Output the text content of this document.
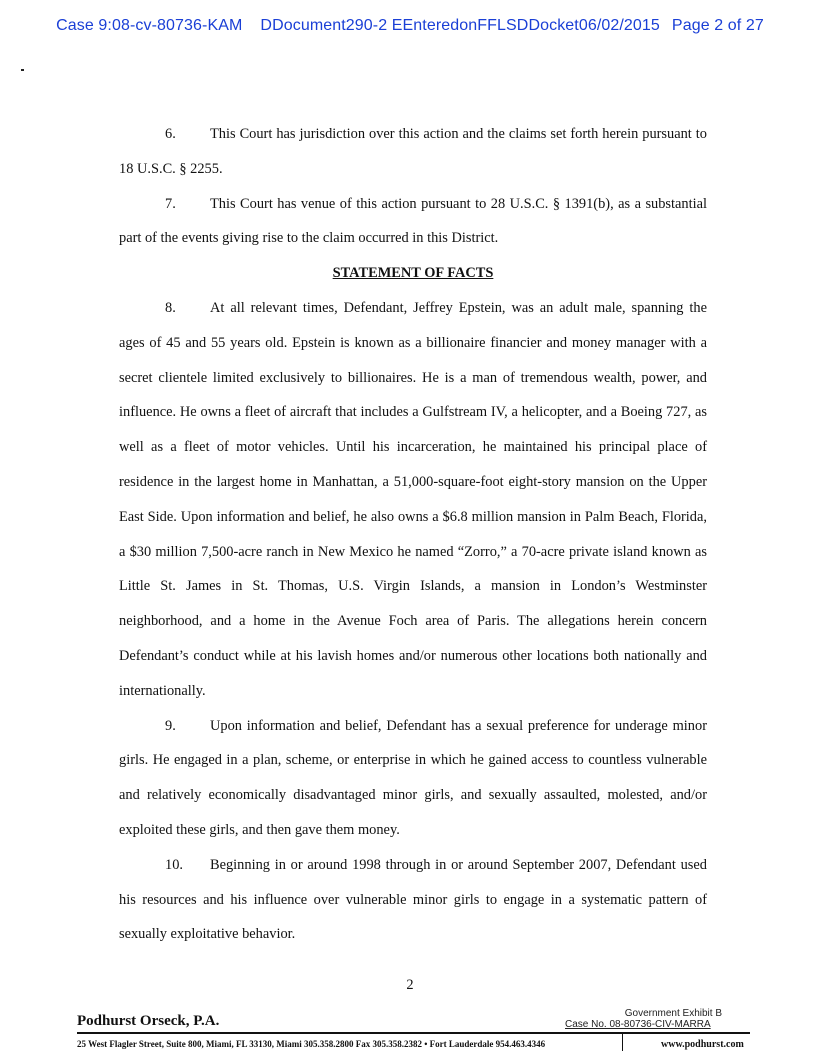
Case 9:08-cv-80736-KAM DDocument290-2 EEnteredonFFLSDDocket06/02/2015 Page 2 of 27

6. This Court has jurisdiction over this action and the claims set forth herein pursuant to 18 U.S.C. § 2255.

7. This Court has venue of this action pursuant to 28 U.S.C. § 1391(b), as a substantial part of the events giving rise to the claim occurred in this District.

STATEMENT OF FACTS

8. At all relevant times, Defendant, Jeffrey Epstein, was an adult male, spanning the ages of 45 and 55 years old. Epstein is known as a billionaire financier and money manager with a secret clientele limited exclusively to billionaires. He is a man of tremendous wealth, power, and influence. He owns a fleet of aircraft that includes a Gulfstream IV, a helicopter, and a Boeing 727, as well as a fleet of motor vehicles. Until his incarceration, he maintained his principal place of residence in the largest home in Manhattan, a 51,000-square-foot eight-story mansion on the Upper East Side. Upon information and belief, he also owns a $6.8 million mansion in Palm Beach, Florida, a $30 million 7,500-acre ranch in New Mexico he named “Zorro,” a 70-acre private island known as Little St. James in St. Thomas, U.S. Virgin Islands, a mansion in London’s Westminster neighborhood, and a home in the Avenue Foch area of Paris. The allegations herein concern Defendant’s conduct while at his lavish homes and/or numerous other locations both nationally and internationally.

9. Upon information and belief, Defendant has a sexual preference for underage minor girls. He engaged in a plan, scheme, or enterprise in which he gained access to countless vulnerable and relatively economically disadvantaged minor girls, and sexually assaulted, molested, and/or exploited these girls, and then gave them money.

10. Beginning in or around 1998 through in or around September 2007, Defendant used his resources and his influence over vulnerable minor girls to engage in a systematic pattern of sexually exploitative behavior.

2
Government Exhibit B
Case No. 08-80736-CIV-MARRA
Podhurst Orseck, P.A.
25 West Flagler Street, Suite 800, Miami, FL 33130, Miami 305.358.2800 Fax 305.358.2382 • Fort Lauderdale 954.463.4346	www.podhurst.com
